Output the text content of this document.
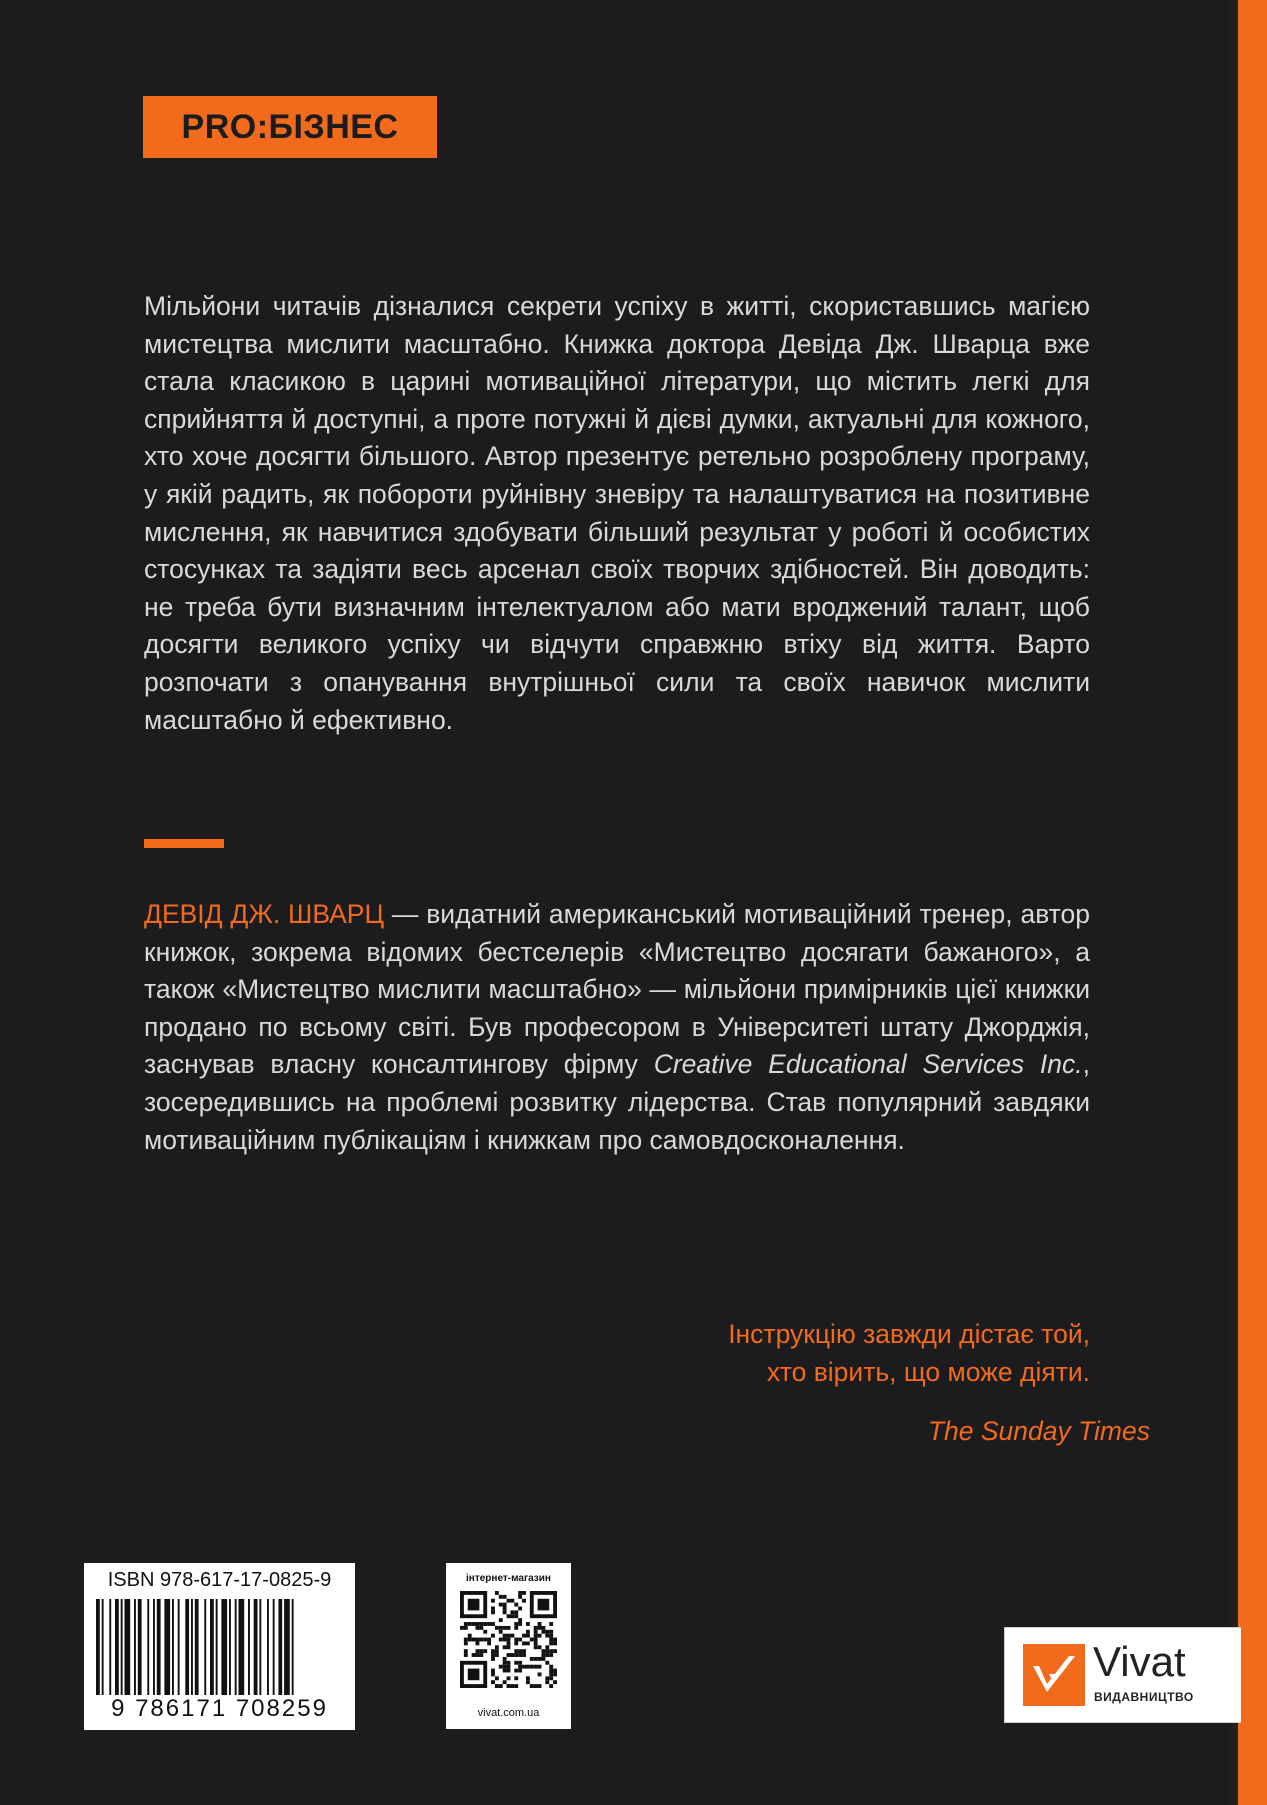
PRO:БІЗНЕС

Мільйони читачів дізналися секрети успіху в житті, скориставшись магією мистецтва мислити масштабно. Книжка доктора Девіда Дж. Шварца вже стала класикою в царині мотиваційної літератури, що містить легкі для сприйняття й доступні, а проте потужні й дієві думки, актуальні для кожного, хто хоче досягти більшого. Автор презентує ретельно розроблену програму, у якій радить, як побороти руйнівну зневіру та налаштуватися на позитивне мислення, як навчитися здобувати більший результат у роботі й особистих стосунках та задіяти весь арсенал своїх творчих здібностей. Він доводить: не треба бути визначним інтелектуалом або мати вроджений талант, щоб досягти великого успіху чи відчути справжню втіху від життя. Варто розпочати з опанування внутрішньої сили та своїх навичок мислити масштабно й ефективно.

ДЕВІД ДЖ. ШВАРЦ — видатний американський мотиваційний тренер, автор книжок, зокрема відомих бестселерів «Мистецтво досягати бажаного», а також «Мистецтво мислити масштабно» — мільйони примірників цієї книжки продано по всьому світі. Був професором в Університеті штату Джорджія, заснував власну консалтингову фірму Creative Educational Services Inc., зосередившись на проблемі розвитку лідерства. Став популярний завдяки мотиваційним публікаціям і книжкам про самовдосконалення.

Інструкцію завжди дістає той,
хто вірить, що може діяти.

The Sunday Times
ISBN 978-617-17-0825-9
9 786171 708259
інтернет-магазин
vivat.com.ua
Vivat
ВИДАВНИЦТВО
